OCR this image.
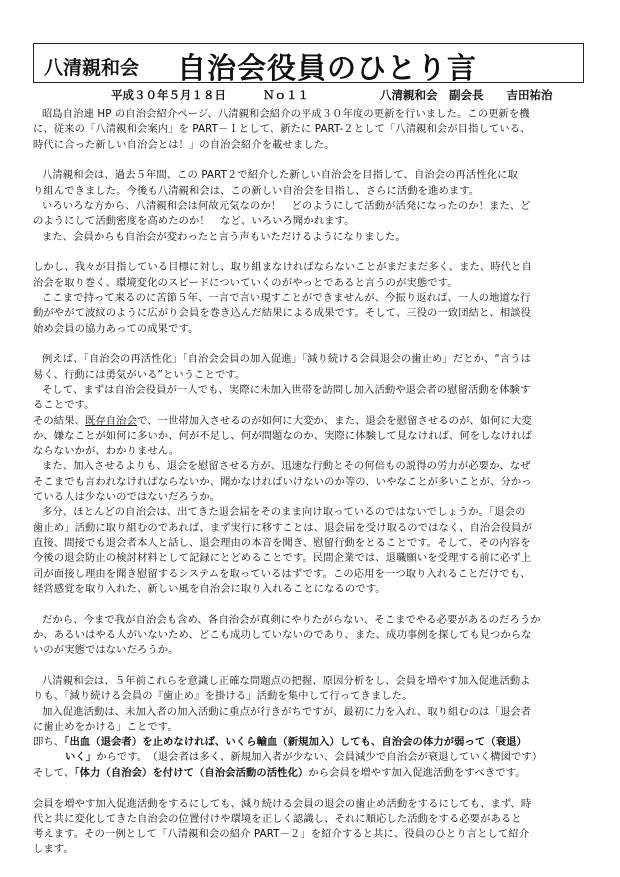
八清親和会 自治会役員のひとり言
平成３０年５月１８日	Ｎｏ１１	八清親和会　副会長　　吉田祐治
昭島自治連 HP の自治会紹介ページ、八清親和会紹介の平成３０年度の更新を行いました。この更新を機
に、従来の「八清親和会案内」を PART－１として、新たに PART-２として「八清親和会が目指している、
時代に合った新しい自治会とは！」の自治会紹介を載せました。
八清親和会は、過去５年間、この PART２で紹介した新しい自治会を目指して、自治会の再活性化に取
り組んできました。今後も八清親和会は、この新しい自治会を目指し、さらに活動を進めます。
いろいろな方から、八清親和会は何故元気なのか！　どのようにして活動が活発になったのか！また、ど
のようにして活動密度を高めたのか！　など、いろいろ聞かれます。
また、会員からも自治会が変わったと言う声もいただけるようになりました。
しかし、我々が目指している目標に対し、取り組まなければならないことがまだまだ多く、また、時代と自
治会を取り巻く、環境変化のスピードについていくのがやっとであると言うのが実態です。
ここまで持って来るのに苦節５年、一言で言い現すことができませんが、今振り返れば、一人の地道な行
動がやがて波紋のように広がり会員を巻き込んだ結果による成果です。そして、三役の一致団結と、相談役
始め会員の協力あっての成果です。
例えば、「自治会の再活性化」「自治会会員の加入促進」「減り続ける会員退会の歯止め」だとか、“言うは
易く、行動には勇気がいる”ということです。
そして、まずは自治会役員が一人でも、実際に未加入世帯を訪問し加入活動や退会者の慰留活動を体験す
ることです。
その結果、既存自治会で、一世帯加入させるのが如何に大変か、また、退会を慰留させるのが、如何に大変
か、嫌なことが如何に多いか、何が不足し、何が問題なのか、実際に体験して見なければ、何をしなければ
ならないかが、わかりません。
また、加入させるよりも、退会を慰留させる方が、迅速な行動とその何倍もの説得の労力が必要か、なぜ
そこまでも言われなければならないか、聞かなければいけないのか等の、いやなことが多いことが、分かっ
ている人は少ないのではないだろうか。
多分、ほとんどの自治会は、出てきた退会届をそのまま向け取っているのではないでしょうか。「退会の
歯止め」活動に取り組むのであれば、まず実行に移すことは、退会届を受け取るのではなく、自治会役員が
直接、間接でも退会者本人と話し、退会理由の本音を聞き、慰留行動をとることです。そして、その内容を
今後の退会防止の検討材料として記録にとどめることです。民間企業では、退職願いを受理する前に必ず上
司が面接し理由を聞き慰留するシステムを取っているはずです。この応用を一つ取り入れることだけでも、
経営感覚を取り入れた、新しい風を自治会に取り入れることになるのです。
だから、今まで我が自治会も含め、各自治会が真剣にやりたがらない、そこまでやる必要があるのだろうか
か、あるいはやる人がいないため、どこも成功していないのであり、また、成功事例を探しても見つからな
いのが実態ではないだろうか。
八清親和会は、５年前これらを意識し正確な問題点の把握、原因分析をし、会員を増やす加入促進活動よ
りも、「減り続ける会員の『歯止め』を掛ける」活動を集中して行ってきました。
加入促進活動は、未加入者の加入活動に重点が行きがちですが、最初に力を入れ、取り組むのは「退会者
に歯止めをかける」ことです。
即ち、「出血（退会者）を止めなければ、いくら輸血（新規加入）しても、自治会の体力が弱って（衰退）
いく」からです。　（退会者は多く、新規加入者が少ない、会員減少で自治会が衰退していく構図です）
そして、「体力（自治会）を付けて（自治会活動の活性化）から会員を増やす加入促進活動をすべきです。
会員を増やす加入促進活動をするにしても、減り続ける会員の退会の歯止め活動をするにしても、まず、時
代と共に変化してきた自治会の位置付けや環境を正しく認識し、それに順応した活動をする必要があると
考えます。その一例として「八清親和会の紹介 PART－２」を紹介すると共に、役員のひとり言として紹介
します。
